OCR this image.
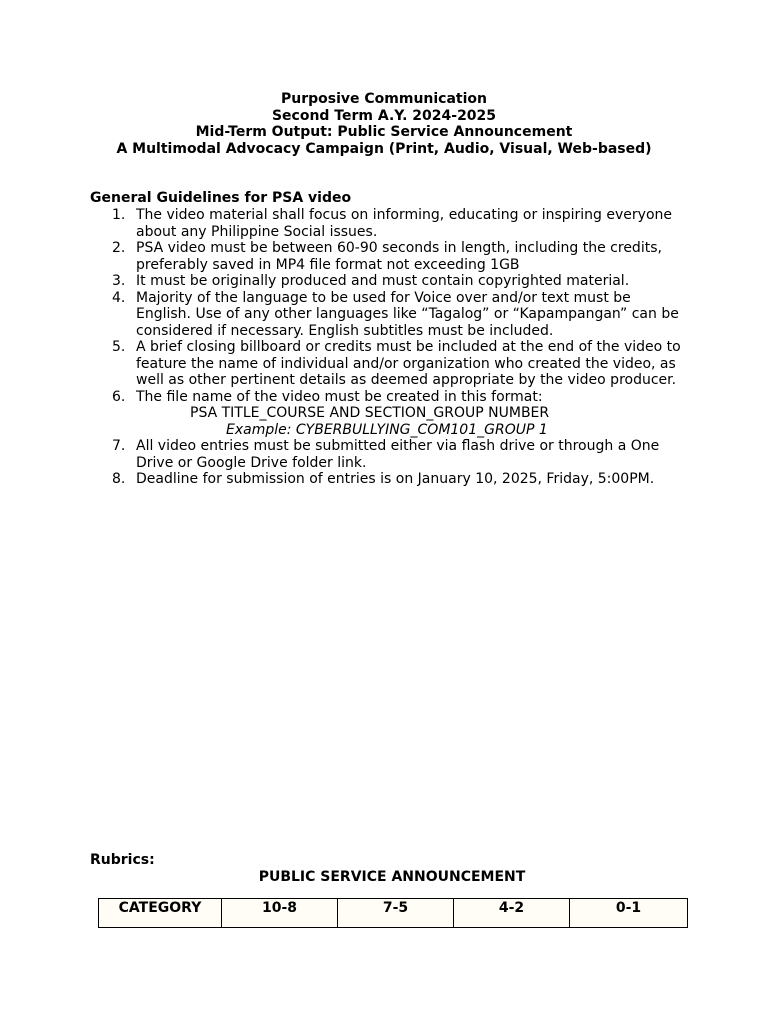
Purposive Communication
Second Term A.Y. 2024-2025
Mid-Term Output: Public Service Announcement
A Multimodal Advocacy Campaign (Print, Audio, Visual, Web-based)
General Guidelines for PSA video
1. The video material shall focus on informing, educating or inspiring everyone about any Philippine Social issues.
2. PSA video must be between 60-90 seconds in length, including the credits, preferably saved in MP4 file format not exceeding 1GB
3. It must be originally produced and must contain copyrighted material.
4. Majority of the language to be used for Voice over and/or text must be English. Use of any other languages like “Tagalog” or “Kapampangan” can be considered if necessary. English subtitles must be included.
5. A brief closing billboard or credits must be included at the end of the video to feature the name of individual and/or organization who created the video, as well as other pertinent details as deemed appropriate by the video producer.
6. The file name of the video must be created in this format:
PSA TITLE_COURSE AND SECTION_GROUP NUMBER
Example: CYBERBULLYING_COM101_GROUP 1
7. All video entries must be submitted either via flash drive or through a One Drive or Google Drive folder link.
8. Deadline for submission of entries is on January 10, 2025, Friday, 5:00PM.
Rubrics:
PUBLIC SERVICE ANNOUNCEMENT
CATEGORY	10-8	7-5	4-2	0-1
